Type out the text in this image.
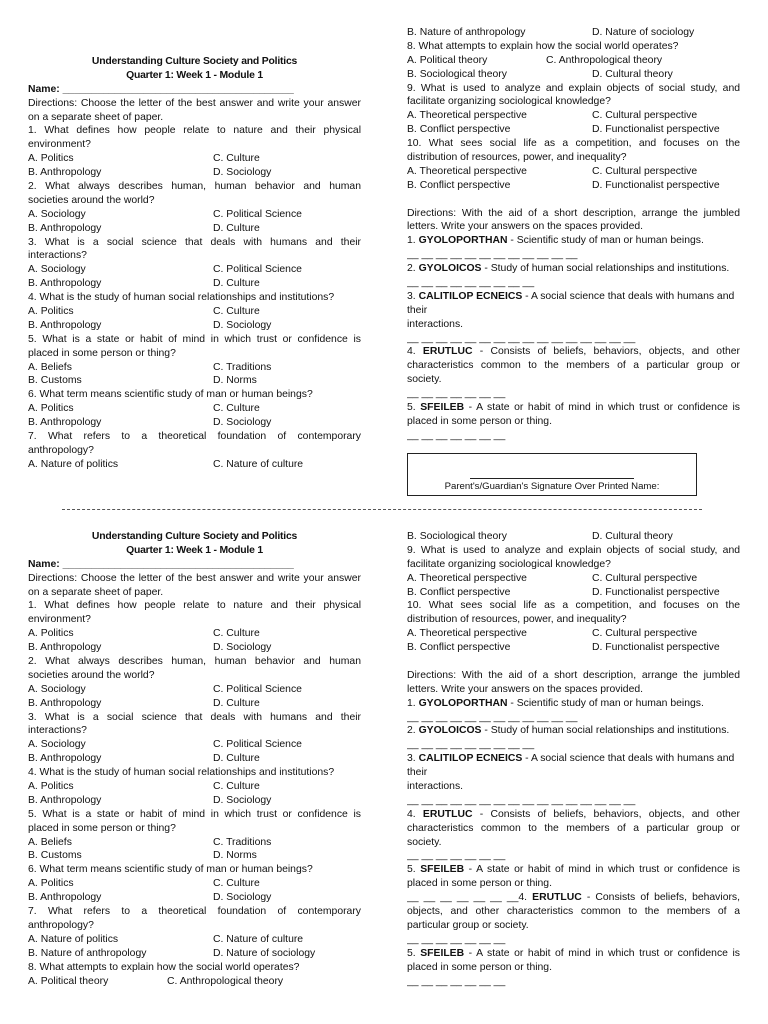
Understanding Culture Society and Politics
Quarter 1: Week 1 - Module 1
Name: ________________________________________
Directions: Choose the letter of the best answer and write your answer
on a separate sheet of paper.
1. What defines how people relate to nature and their physical
environment?
A. Politics	C. Culture
B. Anthropology	D. Sociology
2. What always describes human, human behavior and human
societies around the world?
A. Sociology	C. Political Science
B. Anthropology	D. Culture
3. What is a social science that deals with humans and their
interactions?
A. Sociology	C. Political Science
B. Anthropology	D. Culture
4. What is the study of human social relationships and institutions?
A. Politics	C. Culture
B. Anthropology	D. Sociology
5. What is a state or habit of mind in which trust or confidence is
placed in some person or thing?
A. Beliefs	C. Traditions
B. Customs	D. Norms
6. What term means scientific study of man or human beings?
A. Politics	C. Culture
B. Anthropology	D. Sociology
7. What refers to a theoretical foundation of contemporary
anthropology?
A. Nature of politics	C. Nature of culture
B. Nature of anthropology	D. Nature of sociology
8. What attempts to explain how the social world operates?
A. Political theory	C. Anthropological theory
B. Sociological theory	D. Cultural theory
9. What is used to analyze and explain objects of social study, and
facilitate organizing sociological knowledge?
A. Theoretical perspective	C. Cultural perspective
B. Conflict perspective	D. Functionalist perspective
10. What sees social life as a competition, and focuses on the
distribution of resources, power, and inequality?
A. Theoretical perspective	C. Cultural perspective
B. Conflict perspective	D. Functionalist perspective
Directions: With the aid of a short description, arrange the jumbled
letters. Write your answers on the spaces provided.
1. GYOLOPORTHAN - Scientific study of man or human beings.
__ __ __ __ __ __ __ __ __ __ __ __
2. GYOLOICOS - Study of human social relationships and institutions.
__ __ __ __ __ __ __ __ __
3. CALITILOP ECNEICS - A social science that deals with humans and
their
interactions.
__ __ __ __ __ __ __ __ __ __ __ __ __ __ __ __
4. ERUTLUC - Consists of beliefs, behaviors, objects, and other
characteristics common to the members of a particular group or
society.
__ __ __ __ __ __ __
5. SFEILEB - A state or habit of mind in which trust or confidence is
placed in some person or thing.
__ __ __ __ __ __ __
Parent's/Guardian's Signature Over Printed Name:
Understanding Culture Society and Politics
Quarter 1: Week 1 - Module 1
Name: ________________________________________
Directions: Choose the letter of the best answer and write your answer
on a separate sheet of paper.
1. What defines how people relate to nature and their physical
environment?
A. Politics	C. Culture
B. Anthropology	D. Sociology
2. What always describes human, human behavior and human
societies around the world?
A. Sociology	C. Political Science
B. Anthropology	D. Culture
3. What is a social science that deals with humans and their
interactions?
A. Sociology	C. Political Science
B. Anthropology	D. Culture
4. What is the study of human social relationships and institutions?
A. Politics	C. Culture
B. Anthropology	D. Sociology
5. What is a state or habit of mind in which trust or confidence is
placed in some person or thing?
A. Beliefs	C. Traditions
B. Customs	D. Norms
6. What term means scientific study of man or human beings?
A. Politics	C. Culture
B. Anthropology	D. Sociology
7. What refers to a theoretical foundation of contemporary
anthropology?
A. Nature of politics	C. Nature of culture
B. Nature of anthropology	D. Nature of sociology
8. What attempts to explain how the social world operates?
A. Political theory	C. Anthropological theory
B. Sociological theory	D. Cultural theory
9. What is used to analyze and explain objects of social study, and
facilitate organizing sociological knowledge?
A. Theoretical perspective	C. Cultural perspective
B. Conflict perspective	D. Functionalist perspective
10. What sees social life as a competition, and focuses on the
distribution of resources, power, and inequality?
A. Theoretical perspective	C. Cultural perspective
B. Conflict perspective	D. Functionalist perspective
Directions: With the aid of a short description, arrange the jumbled
letters. Write your answers on the spaces provided.
1. GYOLOPORTHAN - Scientific study of man or human beings.
__ __ __ __ __ __ __ __ __ __ __ __
2. GYOLOICOS - Study of human social relationships and institutions.
__ __ __ __ __ __ __ __ __
3. CALITILOP ECNEICS - A social science that deals with humans and
their
interactions.
__ __ __ __ __ __ __ __ __ __ __ __ __ __ __ __
4. ERUTLUC - Consists of beliefs, behaviors, objects, and other
characteristics common to the members of a particular group or
society.
__ __ __ __ __ __ __
5. SFEILEB - A state or habit of mind in which trust or confidence is
placed in some person or thing.
__ __ __ __ __ __ __4. ERUTLUC - Consists of beliefs, behaviors,
objects, and other characteristics common to the members of a
particular group or society.
__ __ __ __ __ __ __
5. SFEILEB - A state or habit of mind in which trust or confidence is
placed in some person or thing.
__ __ __ __ __ __ __
